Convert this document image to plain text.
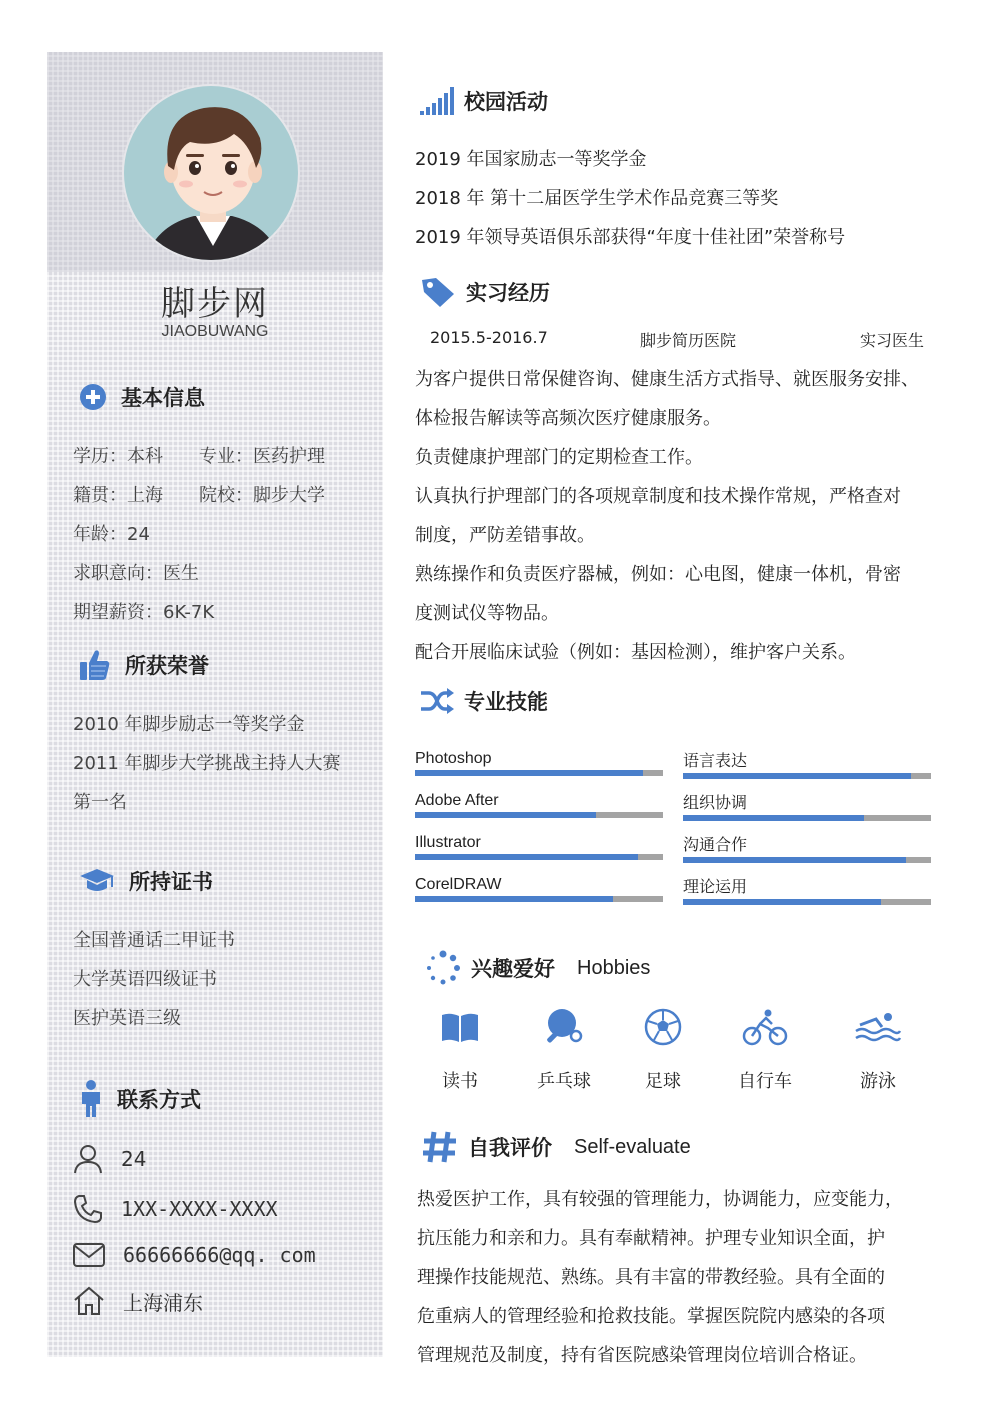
脚步网
JIAOBUWANG
基本信息
学历：本科 专业：医药护理
籍贯：上海 院校：脚步大学
年龄：24
求职意向：医生
期望薪资：6K-7K
所获荣誉
2010 年脚步励志一等奖学金
2011 年脚步大学挑战主持人大赛
第一名
所持证书
全国普通话二甲证书
大学英语四级证书
医护英语三级
联系方式
24
1XX-XXXX-XXXX
66666666@qq. com
上海浦东
校园活动
2019 年国家励志一等奖学金
2018 年 第十二届医学生学术作品竞赛三等奖
2019 年领导英语俱乐部获得“年度十佳社团”荣誉称号
实习经历
2015.5-2016.7	脚步简历医院	实习医生
为客户提供日常保健咨询、健康生活方式指导、就医服务安排、
体检报告解读等高频次医疗健康服务。
负责健康护理部门的定期检查工作。
认真执行护理部门的各项规章制度和技术操作常规，严格查对
制度，严防差错事故。
熟练操作和负责医疗器械，例如：心电图，健康一体机，骨密
度测试仪等物品。
配合开展临床试验（例如：基因检测），维护客户关系。
专业技能
Photoshop	语言表达
Adobe After	组织协调
Illustrator	沟通合作
CorelDRAW	理论运用
兴趣爱好 Hobbies
读书	乒乓球	足球	自行车	游泳
自我评价 Self-evaluate
热爱医护工作，具有较强的管理能力，协调能力，应变能力，
抗压能力和亲和力。具有奉献精神。护理专业知识全面，护
理操作技能规范、熟练。具有丰富的带教经验。具有全面的
危重病人的管理经验和抢救技能。掌握医院院内感染的各项
管理规范及制度，持有省医院感染管理岗位培训合格证。
